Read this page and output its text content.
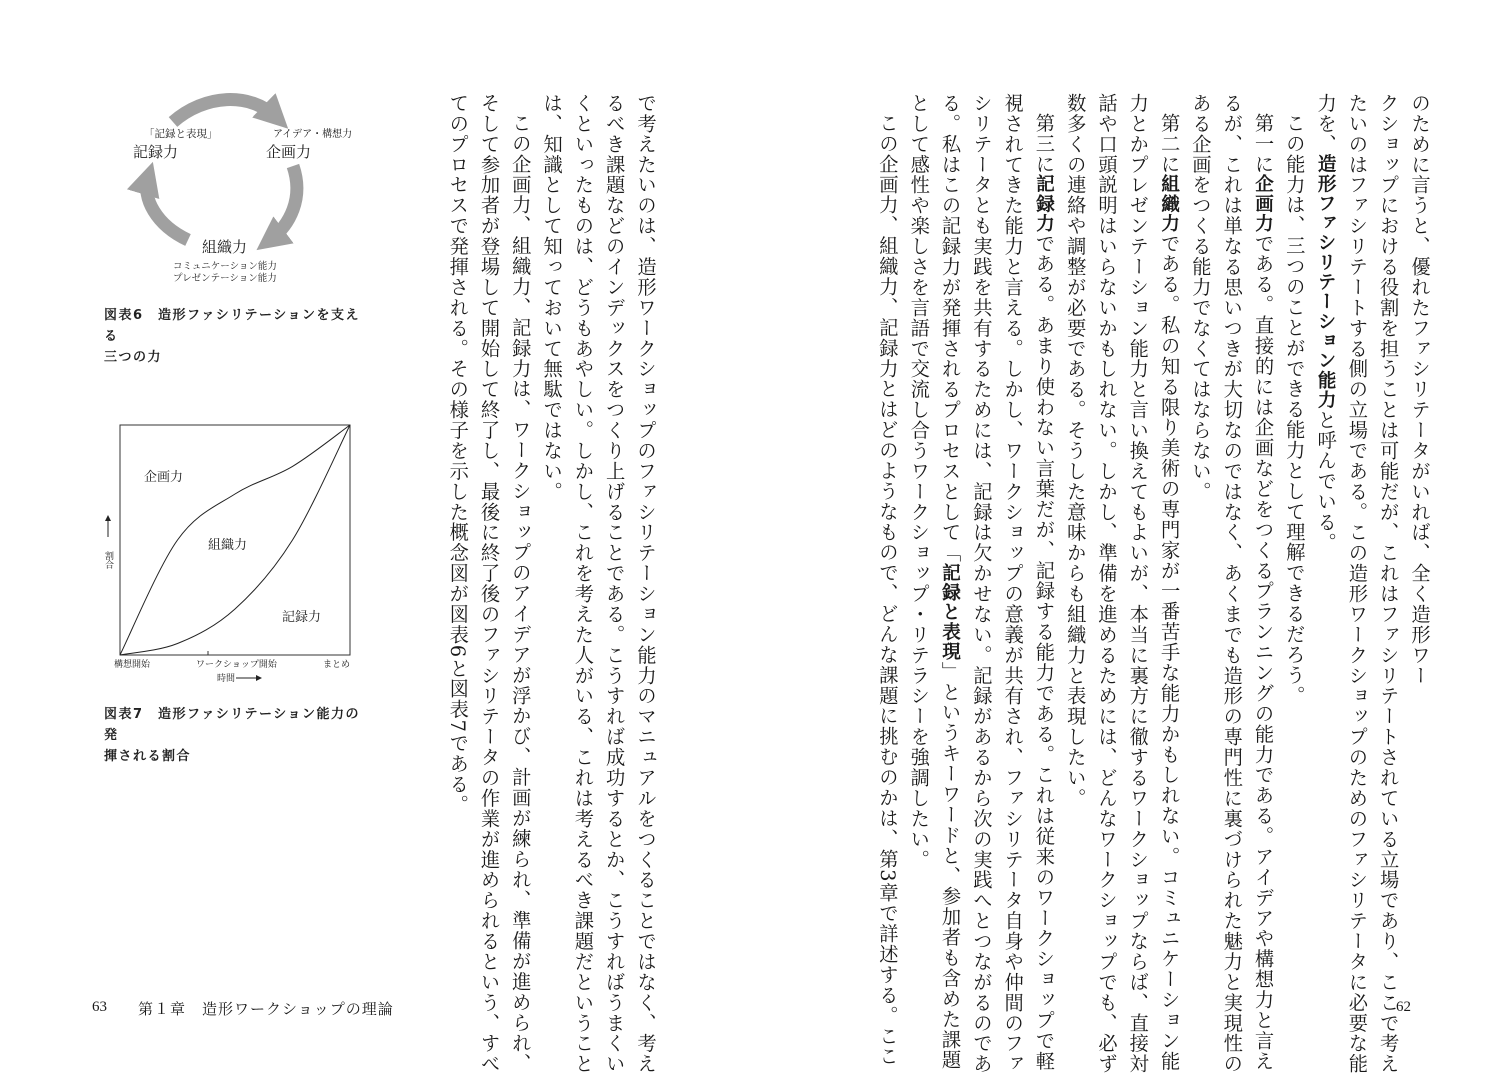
のために言うと、優れたファシリテータがいれば、全く造形ワー
クショップにおける役割を担うことは可能だが、これはファシリテートされている立場であり、ここで考え
たいのはファシリテートする側の立場である。この造形ワークショップのためのファシリテータに必要な能
力を、造形ファシリテーション能力と呼んでいる。
この能力は、三つのことができる能力として理解できるだろう。
第一に企画力である。直接的には企画などをつくるプランニングの能力である。アイデアや構想力と言え
るが、これは単なる思いつきが大切なのではなく、あくまでも造形の専門性に裏づけられた魅力と実現性の
ある企画をつくる能力でなくてはならない。
第二に組織力である。私の知る限り美術の専門家が一番苦手な能力かもしれない。コミュニケーション能
力とかプレゼンテーション能力と言い換えてもよいが、本当に裏方に徹するワークショップならば、直接対
話や口頭説明はいらないかもしれない。しかし、準備を進めるためには、どんなワークショップでも、必ず
数多くの連絡や調整が必要である。そうした意味からも組織力と表現したい。
第三に記録力である。あまり使わない言葉だが、記録する能力である。これは従来のワークショップで軽
視されてきた能力と言える。しかし、ワークショップの意義が共有され、ファシリテータ自身や仲間のファ
シリテータとも実践を共有するためには、記録は欠かせない。記録があるから次の実践へとつながるのであ
る。私はこの記録力が発揮されるプロセスとして「記録と表現」というキーワードと、参加者も含めた課題
として感性や楽しさを言語で交流し合うワークショップ・リテラシーを強調したい。
この企画力、組織力、記録力とはどのようなもので、どんな課題に挑むのかは、第3章で詳述する。ここ	62
で考えたいのは、造形ワークショップのファシリテーション能力のマニュアルをつくることではなく、考え
るべき課題などのインデックスをつくり上げることである。こうすれば成功するとか、こうすればうまくい
くといったものは、どうもあやしい。しかし、これを考えた人がいる、これは考えるべき課題だということ
は、知識として知っておいて無駄ではない。
この企画力、組織力、記録力は、ワークショップのアイデアが浮かび、計画が練られ、準備が進められ、
そして参加者が登場して開始して終了し、最後に終了後のファシリテータの作業が進められるという、すべ
てのプロセスで発揮される。その様子を示した概念図が図表6と図表7である。
「記録と表現」
記録力
アイデア・構想力
企画力
組織力
コミュニケーション能力
プレゼンテーション能力
図表6　造形ファシリテーションを支える
三つの力
企画力
組織力
記録力
構想開始	ワークショップ開始	まとめ
時間
割合
図表7　造形ファシリテーション能力の発
揮される割合
63 第１章　造形ワークショップの理論
